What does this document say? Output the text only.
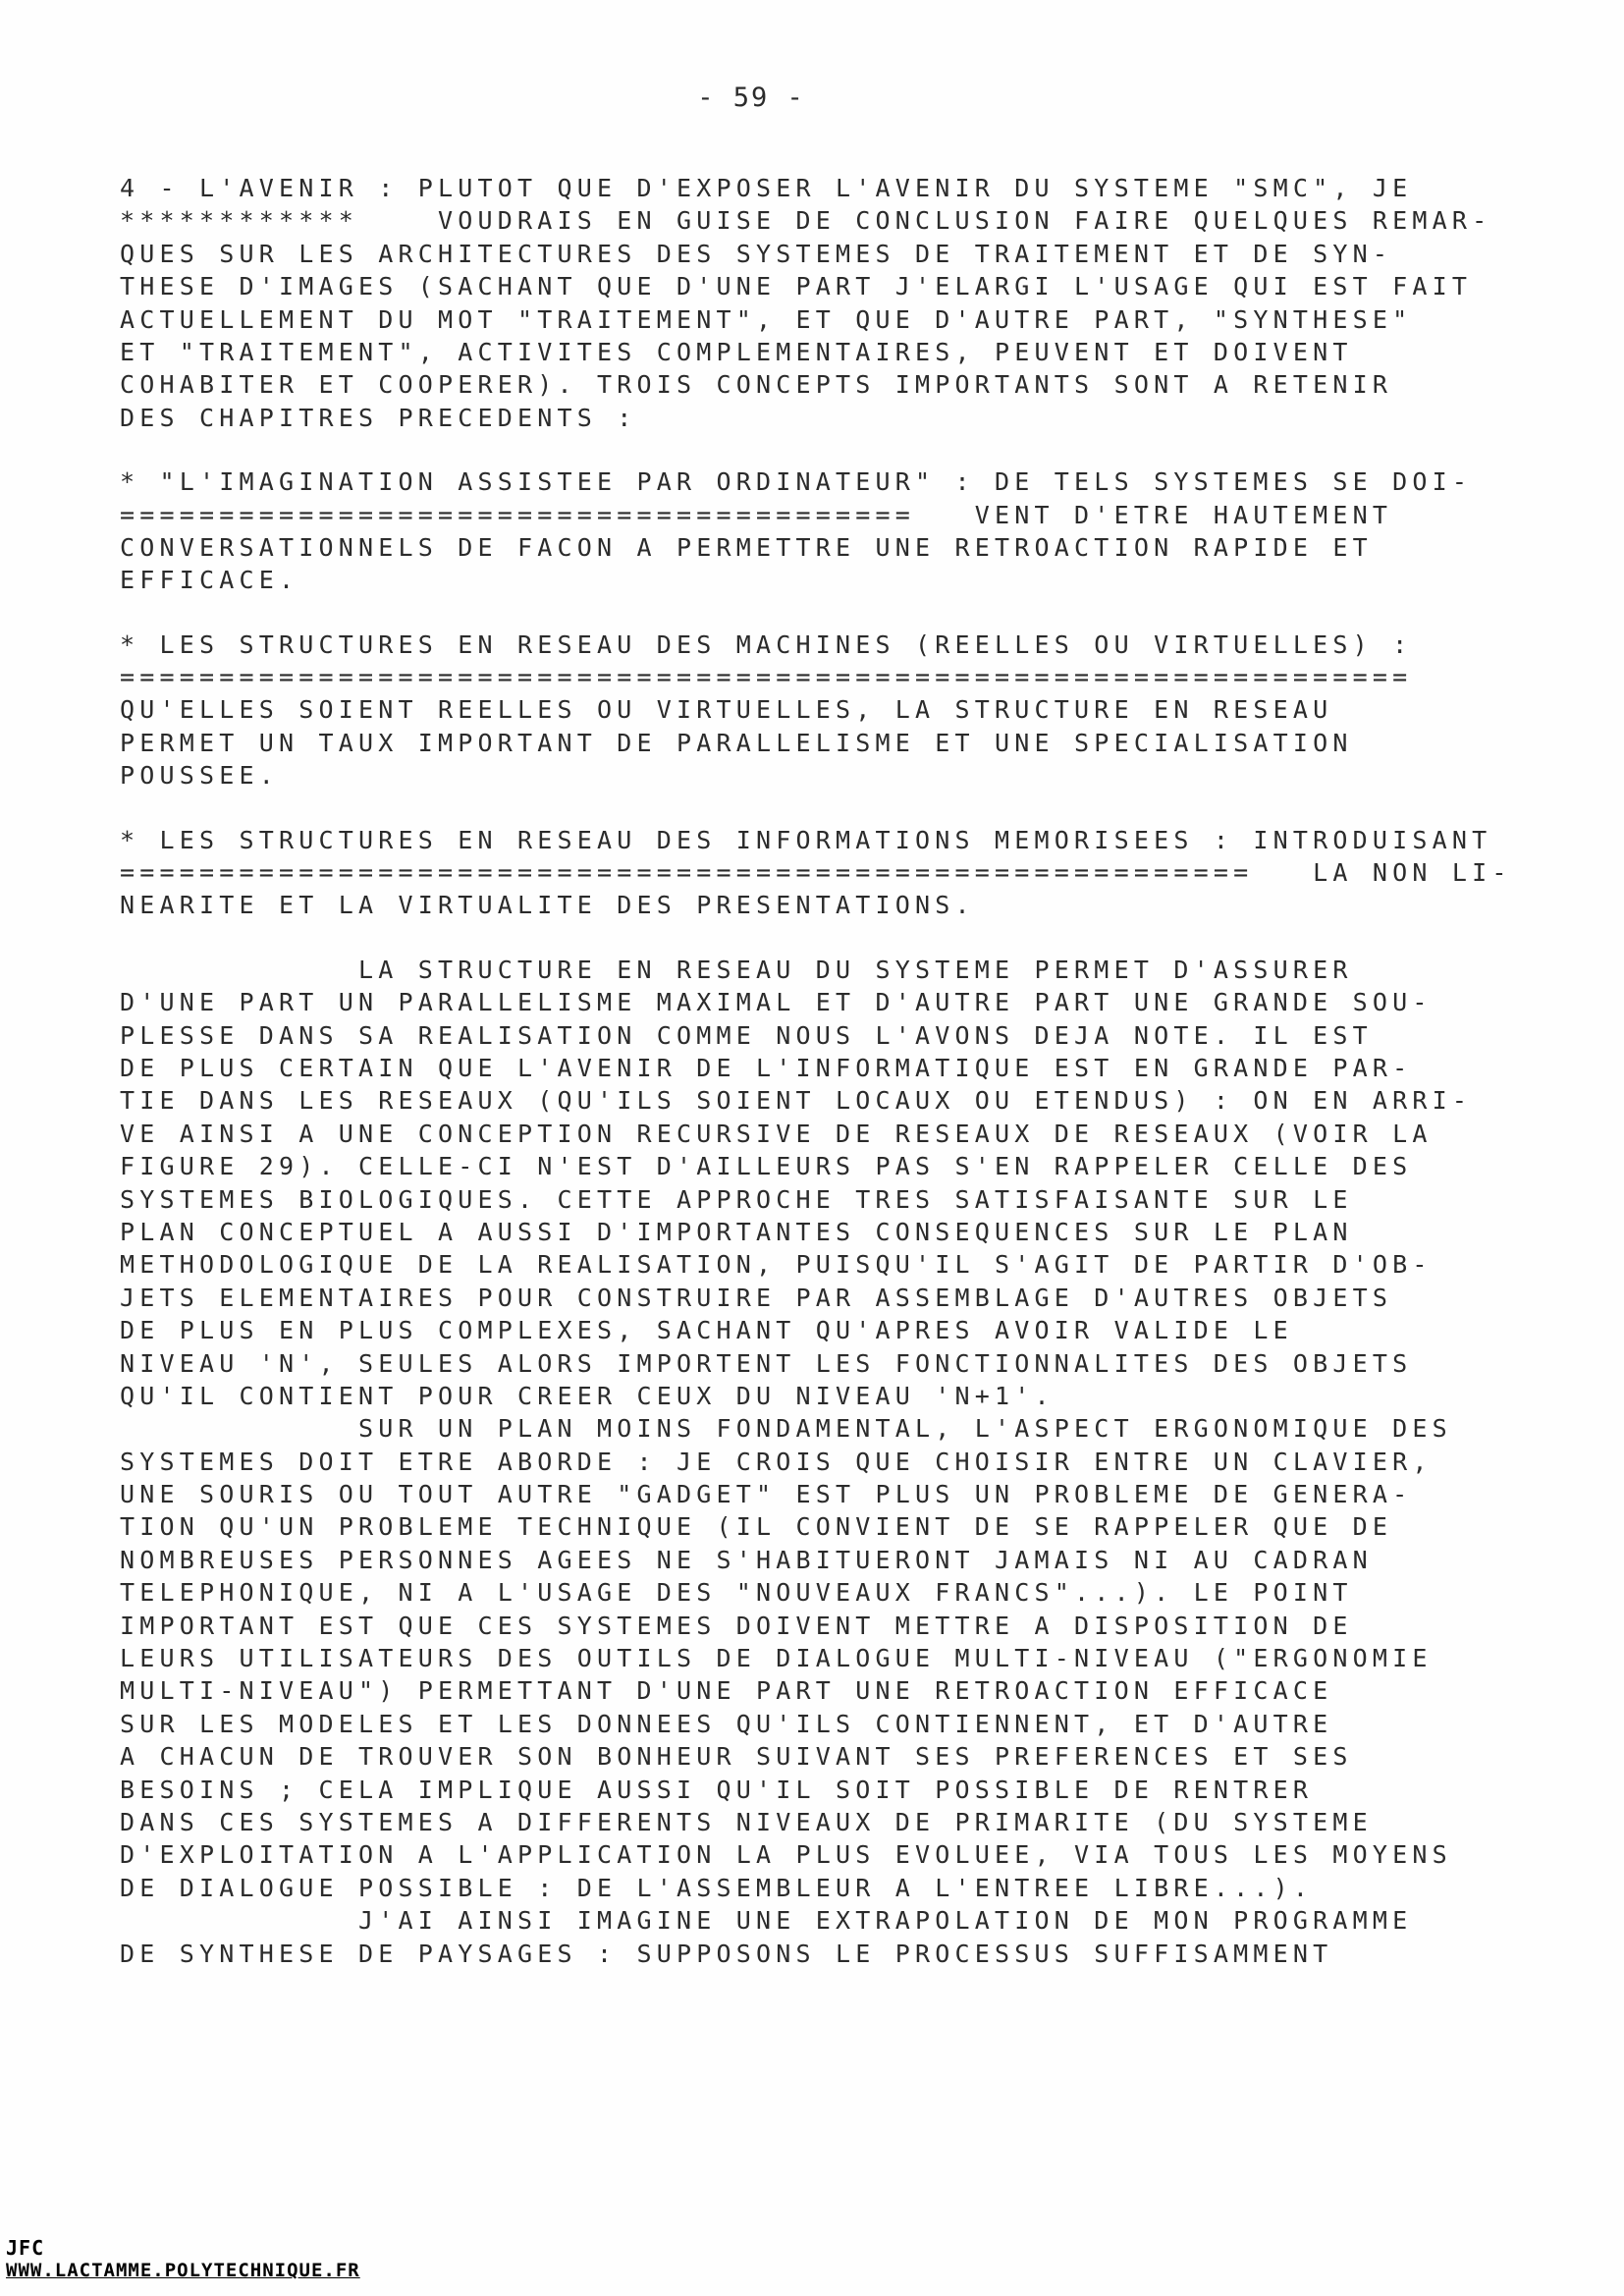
- 59 -
4 - L'AVENIR : PLUTOT QUE D'EXPOSER L'AVENIR DU SYSTEME "SMC", JE
************    VOUDRAIS EN GUISE DE CONCLUSION FAIRE QUELQUES REMAR-
QUES SUR LES ARCHITECTURES DES SYSTEMES DE TRAITEMENT ET DE SYN-
THESE D'IMAGES (SACHANT QUE D'UNE PART J'ELARGI L'USAGE QUI EST FAIT
ACTUELLEMENT DU MOT "TRAITEMENT", ET QUE D'AUTRE PART, "SYNTHESE"
ET "TRAITEMENT", ACTIVITES COMPLEMENTAIRES, PEUVENT ET DOIVENT
COHABITER ET COOPERER). TROIS CONCEPTS IMPORTANTS SONT A RETENIR
DES CHAPITRES PRECEDENTS :
* "L'IMAGINATION ASSISTEE PAR ORDINATEUR" : DE TELS SYSTEMES SE DOI-
========================================   VENT D'ETRE HAUTEMENT
CONVERSATIONNELS DE FACON A PERMETTRE UNE RETROACTION RAPIDE ET
EFFICACE.
* LES STRUCTURES EN RESEAU DES MACHINES (REELLES OU VIRTUELLES) :
=================================================================
QU'ELLES SOIENT REELLES OU VIRTUELLES, LA STRUCTURE EN RESEAU
PERMET UN TAUX IMPORTANT DE PARALLELISME ET UNE SPECIALISATION
POUSSEE.
* LES STRUCTURES EN RESEAU DES INFORMATIONS MEMORISEES : INTRODUISANT
=========================================================   LA NON LI-
NEARITE ET LA VIRTUALITE DES PRESENTATIONS.
LA STRUCTURE EN RESEAU DU SYSTEME PERMET D'ASSURER
D'UNE PART UN PARALLELISME MAXIMAL ET D'AUTRE PART UNE GRANDE SOU-
PLESSE DANS SA REALISATION COMME NOUS L'AVONS DEJA NOTE. IL EST
DE PLUS CERTAIN QUE L'AVENIR DE L'INFORMATIQUE EST EN GRANDE PAR-
TIE DANS LES RESEAUX (QU'ILS SOIENT LOCAUX OU ETENDUS) : ON EN ARRI-
VE AINSI A UNE CONCEPTION RECURSIVE DE RESEAUX DE RESEAUX (VOIR LA
FIGURE 29). CELLE-CI N'EST D'AILLEURS PAS S'EN RAPPELER CELLE DES
SYSTEMES BIOLOGIQUES. CETTE APPROCHE TRES SATISFAISANTE SUR LE
PLAN CONCEPTUEL A AUSSI D'IMPORTANTES CONSEQUENCES SUR LE PLAN
METHODOLOGIQUE DE LA REALISATION, PUISQU'IL S'AGIT DE PARTIR D'OB-
JETS ELEMENTAIRES POUR CONSTRUIRE PAR ASSEMBLAGE D'AUTRES OBJETS
DE PLUS EN PLUS COMPLEXES, SACHANT QU'APRES AVOIR VALIDE LE
NIVEAU 'N', SEULES ALORS IMPORTENT LES FONCTIONNALITES DES OBJETS
QU'IL CONTIENT POUR CREER CEUX DU NIVEAU 'N+1'.
SUR UN PLAN MOINS FONDAMENTAL, L'ASPECT ERGONOMIQUE DES
SYSTEMES DOIT ETRE ABORDE : JE CROIS QUE CHOISIR ENTRE UN CLAVIER,
UNE SOURIS OU TOUT AUTRE "GADGET" EST PLUS UN PROBLEME DE GENERA-
TION QU'UN PROBLEME TECHNIQUE (IL CONVIENT DE SE RAPPELER QUE DE
NOMBREUSES PERSONNES AGEES NE S'HABITUERONT JAMAIS NI AU CADRAN
TELEPHONIQUE, NI A L'USAGE DES "NOUVEAUX FRANCS"...). LE POINT
IMPORTANT EST QUE CES SYSTEMES DOIVENT METTRE A DISPOSITION DE
LEURS UTILISATEURS DES OUTILS DE DIALOGUE MULTI-NIVEAU ("ERGONOMIE
MULTI-NIVEAU") PERMETTANT D'UNE PART UNE RETROACTION EFFICACE
SUR LES MODELES ET LES DONNEES QU'ILS CONTIENNENT, ET D'AUTRE
A CHACUN DE TROUVER SON BONHEUR SUIVANT SES PREFERENCES ET SES
BESOINS ; CELA IMPLIQUE AUSSI QU'IL SOIT POSSIBLE DE RENTRER
DANS CES SYSTEMES A DIFFERENTS NIVEAUX DE PRIMARITE (DU SYSTEME
D'EXPLOITATION A L'APPLICATION LA PLUS EVOLUEE, VIA TOUS LES MOYENS
DE DIALOGUE POSSIBLE : DE L'ASSEMBLEUR A L'ENTREE LIBRE...).
J'AI AINSI IMAGINE UNE EXTRAPOLATION DE MON PROGRAMME
DE SYNTHESE DE PAYSAGES : SUPPOSONS LE PROCESSUS SUFFISAMMENT
JFC
WWW.LACTAMME.POLYTECHNIQUE.FR
